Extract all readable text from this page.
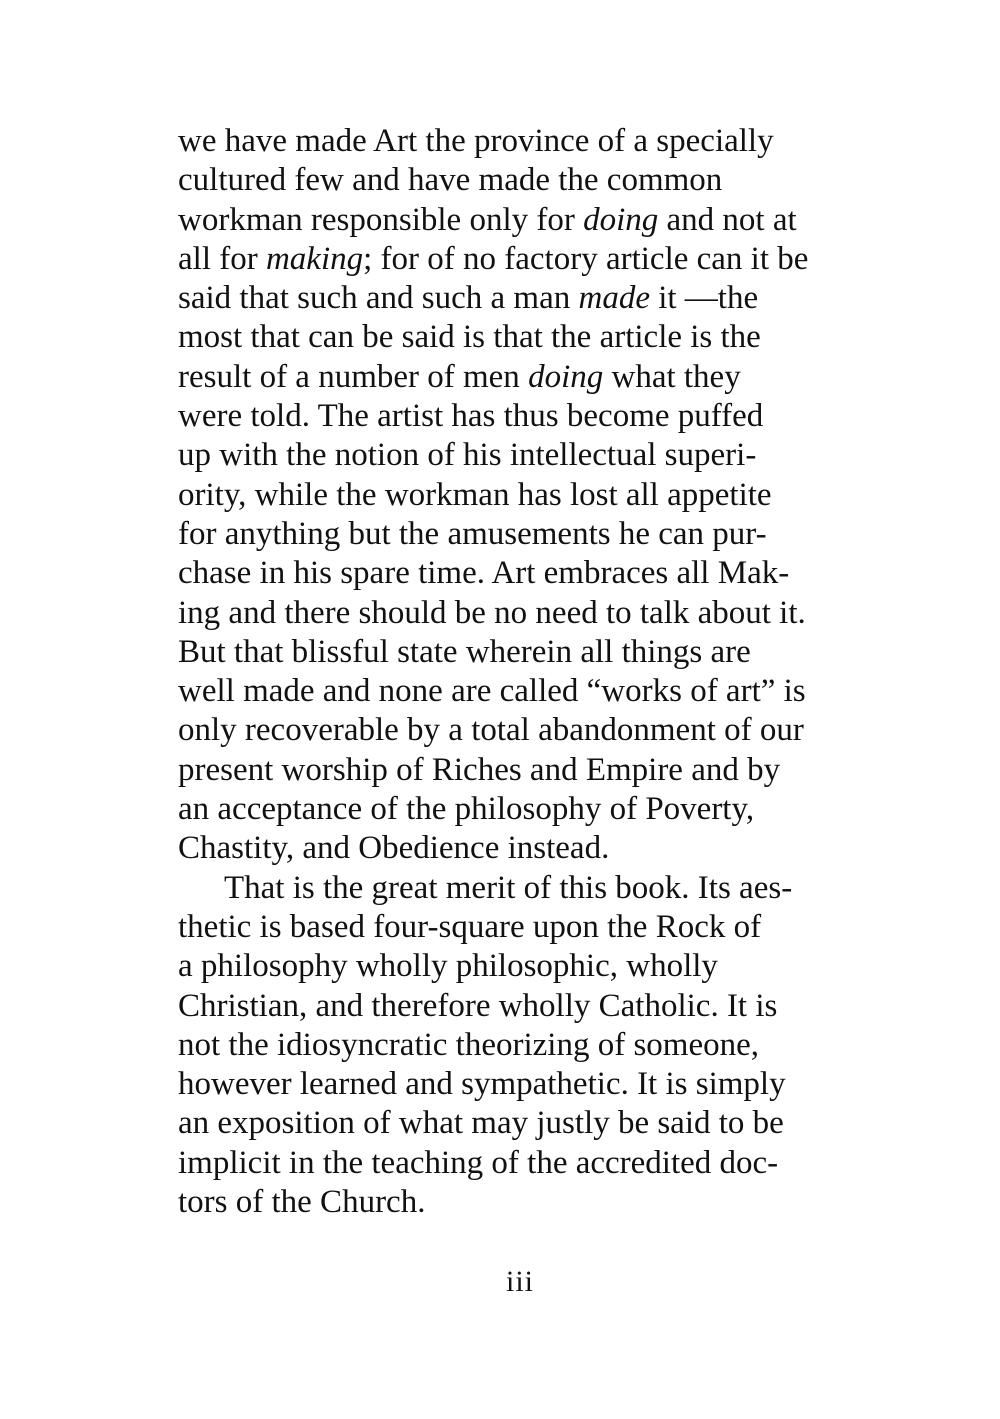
we have made Art the province of a specially
cultured few and have made the common
workman responsible only for doing and not at
all for making; for of no factory article can it be
said that such and such a man made it —the
most that can be said is that the article is the
result of a number of men doing what they
were told. The artist has thus become puffed
up with the notion of his intellectual superi-
ority, while the workman has lost all appetite
for anything but the amusements he can pur-
chase in his spare time. Art embraces all Mak-
ing and there should be no need to talk about it.
But that blissful state wherein all things are
well made and none are called “works of art” is
only recoverable by a total abandonment of our
present worship of Riches and Empire and by
an acceptance of the philosophy of Poverty,
Chastity, and Obedience instead.
That is the great merit of this book. Its aes-
thetic is based four-square upon the Rock of
a philosophy wholly philosophic, wholly
Christian, and therefore wholly Catholic. It is
not the idiosyncratic theorizing of someone,
however learned and sympathetic. It is simply
an exposition of what may justly be said to be
implicit in the teaching of the accredited doc-
tors of the Church.
iii
